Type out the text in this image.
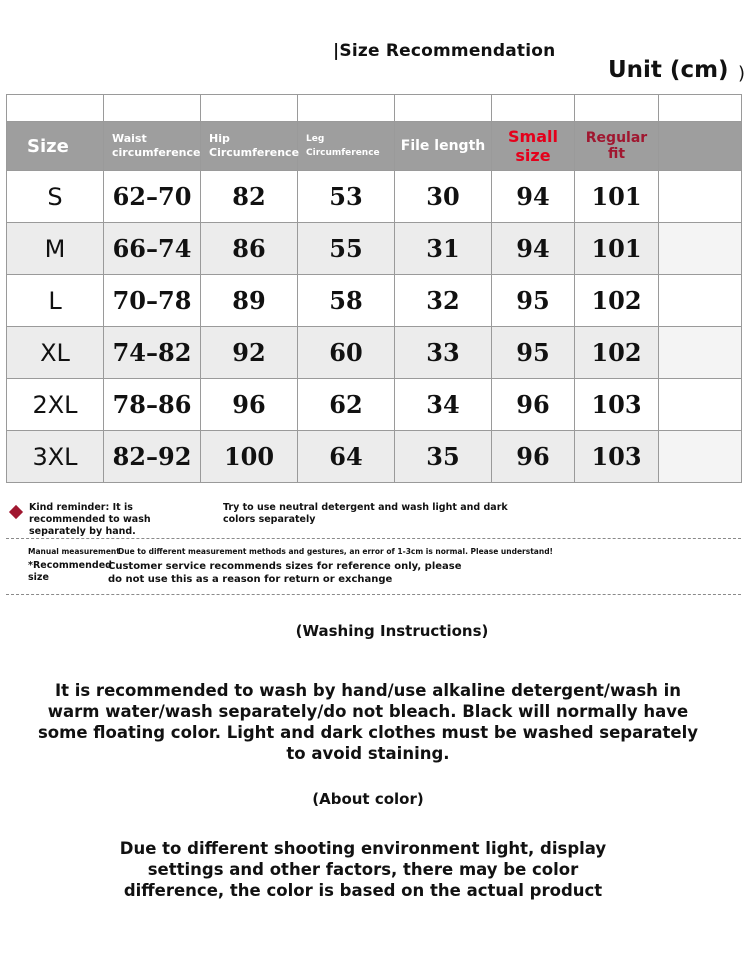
|Size Recommendation
Unit (cm) )

Size	Waist circumference	Hip Circumference	Leg Circumference	File length	Small size	Regular fit	
S	62–70	82	53	30	94	101	
M	66–74	86	55	31	94	101	
L	70–78	89	58	32	95	102	
XL	74–82	92	60	33	95	102	
2XL	78–86	96	62	34	96	103	
3XL	82–92	100	64	35	96	103	
Kind reminder: It is recommended to wash separately by hand.
Try to use neutral detergent and wash light and dark colors separately
Manual measurement
Due to different measurement methods and gestures, an error of 1-3cm is normal. Please understand!
*Recommended size
Customer service recommends sizes for reference only, please do not use this as a reason for return or exchange
(Washing Instructions)
It is recommended to wash by hand/use alkaline detergent/wash in warm water/wash separately/do not bleach. Black will normally have some floating color. Light and dark clothes must be washed separately to avoid staining.
(About color)
Due to different shooting environment light, display settings and other factors, there may be color difference, the color is based on the actual product
